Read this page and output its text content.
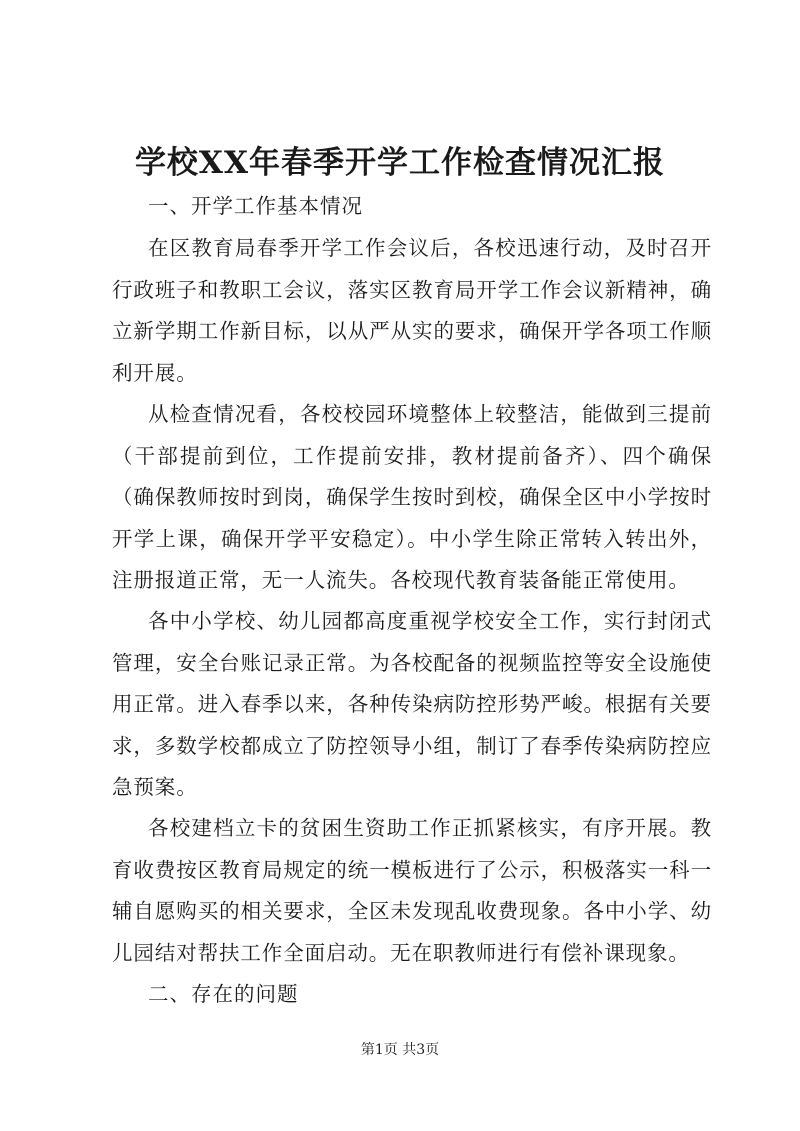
学校XX年春季开学工作检查情况汇报

一、开学工作基本情况

在区教育局春季开学工作会议后，各校迅速行动，及时召开行政班子和教职工会议，落实区教育局开学工作会议新精神，确立新学期工作新目标，以从严从实的要求，确保开学各项工作顺利开展。

从检查情况看，各校校园环境整体上较整洁，能做到三提前（干部提前到位，工作提前安排，教材提前备齐）、四个确保（确保教师按时到岗，确保学生按时到校，确保全区中小学按时开学上课，确保开学平安稳定）。中小学生除正常转入转出外，注册报道正常，无一人流失。各校现代教育装备能正常使用。

各中小学校、幼儿园都高度重视学校安全工作，实行封闭式管理，安全台账记录正常。为各校配备的视频监控等安全设施使用正常。进入春季以来，各种传染病防控形势严峻。根据有关要求，多数学校都成立了防控领导小组，制订了春季传染病防控应急预案。

各校建档立卡的贫困生资助工作正抓紧核实，有序开展。教育收费按区教育局规定的统一模板进行了公示，积极落实一科一辅自愿购买的相关要求，全区未发现乱收费现象。各中小学、幼儿园结对帮扶工作全面启动。无在职教师进行有偿补课现象。

二、存在的问题

第1页 共3页
